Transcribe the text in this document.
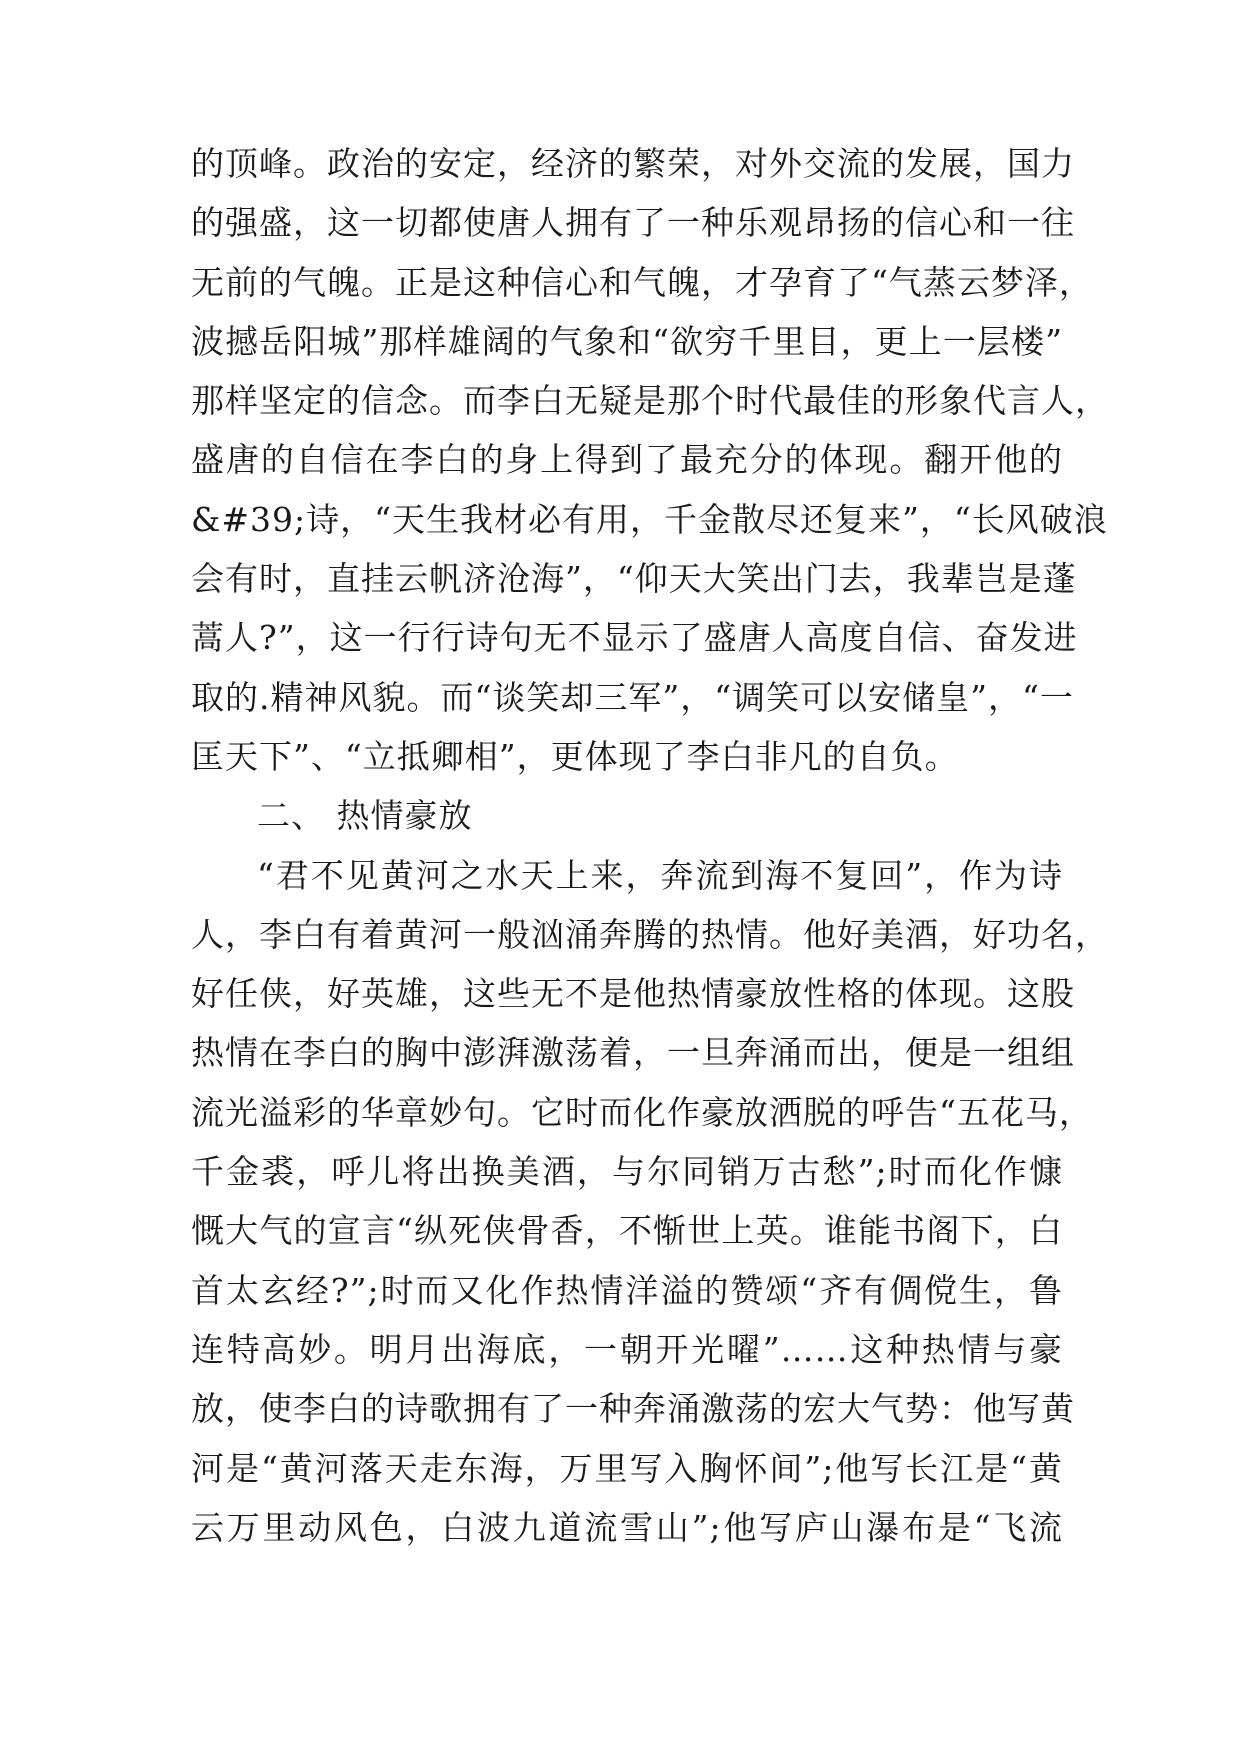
的顶峰。政治的安定，经济的繁荣，对外交流的发展，国力
的强盛，这一切都使唐人拥有了一种乐观昂扬的信心和一往
无前的气魄。正是这种信心和气魄，才孕育了“气蒸云梦泽，
波撼岳阳城”那样雄阔的气象和“欲穷千里目，更上一层楼”
那样坚定的信念。而李白无疑是那个时代最佳的形象代言人，
盛唐的自信在李白的身上得到了最充分的体现。翻开他的
&#39;诗，“天生我材必有用，千金散尽还复来”，“长风破浪
会有时，直挂云帆济沧海”，“仰天大笑出门去，我辈岂是蓬
蒿人?”，这一行行诗句无不显示了盛唐人高度自信、奋发进
取的.精神风貌。而“谈笑却三军”，“调笑可以安储皇”，“一
匡天下”、“立抵卿相”，更体现了李白非凡的自负。
二、 热情豪放
“君不见黄河之水天上来，奔流到海不复回”，作为诗
人，李白有着黄河一般汹涌奔腾的热情。他好美酒，好功名，
好任侠，好英雄，这些无不是他热情豪放性格的体现。这股
热情在李白的胸中澎湃激荡着，一旦奔涌而出，便是一组组
流光溢彩的华章妙句。它时而化作豪放洒脱的呼告“五花马，
千金裘，呼儿将出换美酒，与尔同销万古愁”;时而化作慷
慨大气的宣言“纵死侠骨香，不惭世上英。谁能书阁下，白
首太玄经?”;时而又化作热情洋溢的赞颂“齐有倜傥生，鲁
连特高妙。明月出海底，一朝开光曜”……这种热情与豪
放，使李白的诗歌拥有了一种奔涌激荡的宏大气势：他写黄
河是“黄河落天走东海，万里写入胸怀间”;他写长江是“黄
云万里动风色，白波九道流雪山”;他写庐山瀑布是“飞流
